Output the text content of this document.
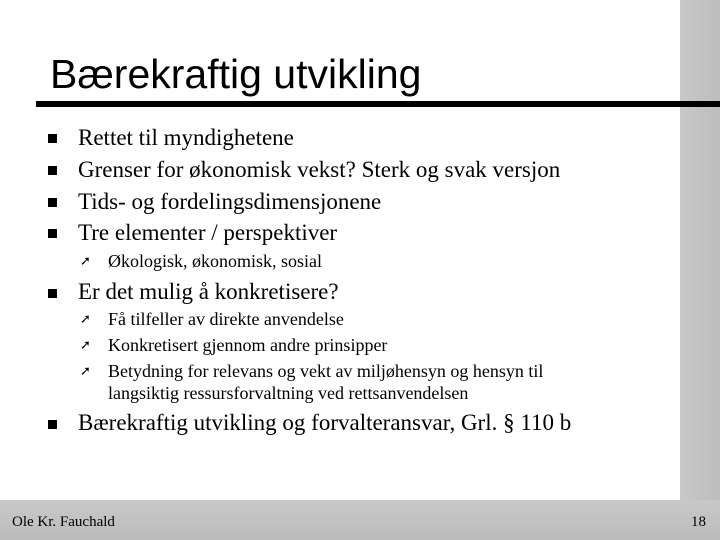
Bærekraftig utvikling
Rettet til myndighetene
Grenser for økonomisk vekst? Sterk og svak versjon
Tids- og fordelingsdimensjonene
Tre elementer / perspektiver
➚ Økologisk, økonomisk, sosial
Er det mulig å konkretisere?
➚ Få tilfeller av direkte anvendelse
➚ Konkretisert gjennom andre prinsipper
➚ Betydning for relevans og vekt av miljøhensyn og hensyn til langsiktig ressursforvaltning ved rettsanvendelsen
Bærekraftig utvikling og forvalteransvar, Grl. § 110 b
Ole Kr. Fauchald	18
